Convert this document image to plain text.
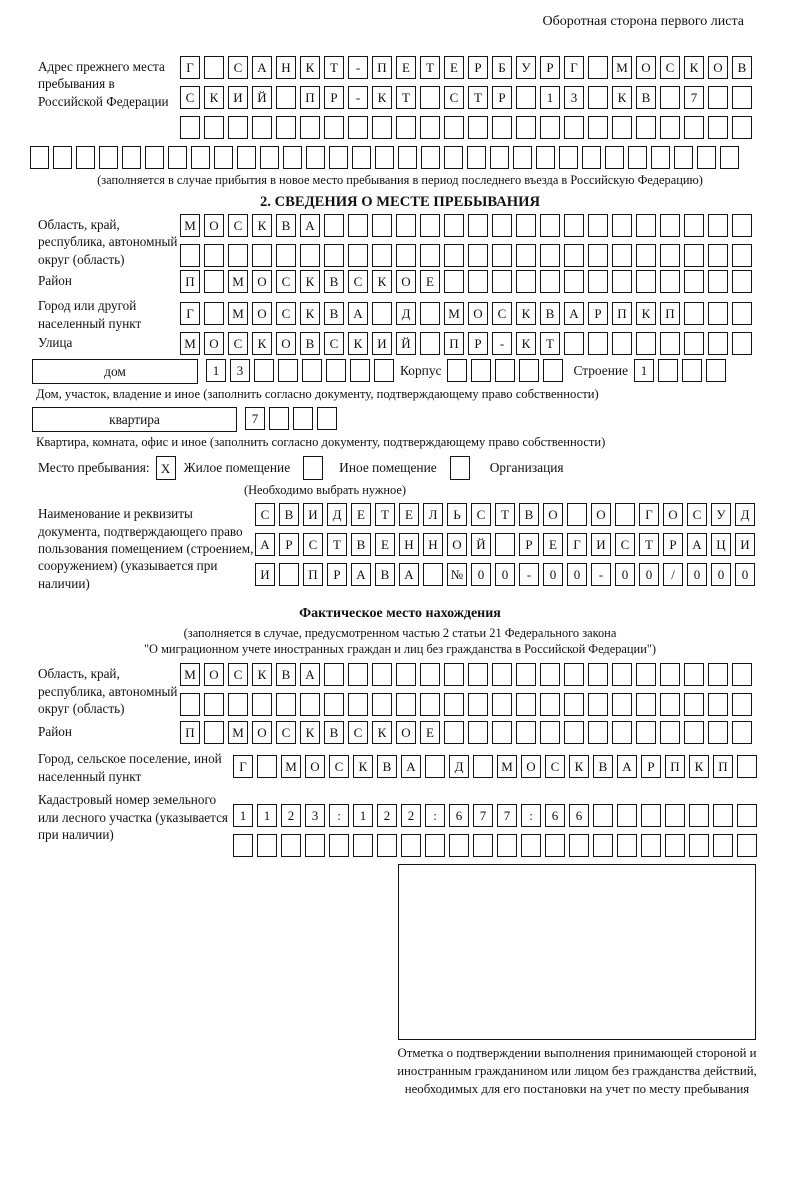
Оборотная сторона первого листа
Адрес прежнего места пребывания в Российской Федерации
Г	С	А	Н	К	Т	-	П	Е	Т	Е	Р	Б	У	Р	Г	М	О	С	К	О	В
С	К	И	Й	П	Р	-	К	Т	С	Т	Р	1	3	К	В	7
(заполняется в случае прибытия в новое место пребывания в период последнего въезда в Российскую Федерацию)
2. СВЕДЕНИЯ О МЕСТЕ ПРЕБЫВАНИЯ
Область, край, республика, автономный округ (область)
М	О	С	К	В	А
Район	П	М	О	С	К	В	С	К	О	Е
Город или другой населенный пункт
Г	М	О	С	К	В	А	Д	М	О	С	К	В	А	Р	П	К	П
Улица	М	О	С	К	О	В	С	К	И	Й	П	Р	-	К	Т
дом	1	3	Корпус	Строение 1
Дом, участок, владение и иное (заполнить согласно документу, подтверждающему право собственности)
квартира	7
Квартира, комната, офис и иное (заполнить согласно документу, подтверждающему право собственности)
Место пребывания: X Жилое помещение	Иное помещение	Организация
(Необходимо выбрать нужное)
Наименование и реквизиты документа, подтверждающего право пользования помещением (строением, сооружением) (указывается при наличии)
С	В	И	Д	Е	Т	Е	Л	Ь	С	Т	В	О	О	Г	О	С	У	Д
А	Р	С	Т	В	Е	Н	Н	О	Й	Р	Е	Г	И	С	Т	Р	А	Ц	И
И	П	Р	А	В	А	№	0	0	-	0	0	-	0	0	/	0	0	0
Фактическое место нахождения
(заполняется в случае, предусмотренном частью 2 статьи 21 Федерального закона
"О миграционном учете иностранных граждан и лиц без гражданства в Российской Федерации")
Область, край, республика, автономный округ (область)
М	О	С	К	В	А
Район	П	М	О	С	К	В	С	К	О	Е
Город, сельское поселение, иной населенный пункт
Г	М	О	С	К	В	А	Д	М	О	С	К	В	А	Р	П	К	П
Кадастровый номер земельного или лесного участка (указывается при наличии)
1	1	2	3	:	1	2	2	:	6	7	7	:	6	6
Отметка о подтверждении выполнения принимающей стороной и иностранным гражданином или лицом без гражданства действий, необходимых для его постановки на учет по месту пребывания
